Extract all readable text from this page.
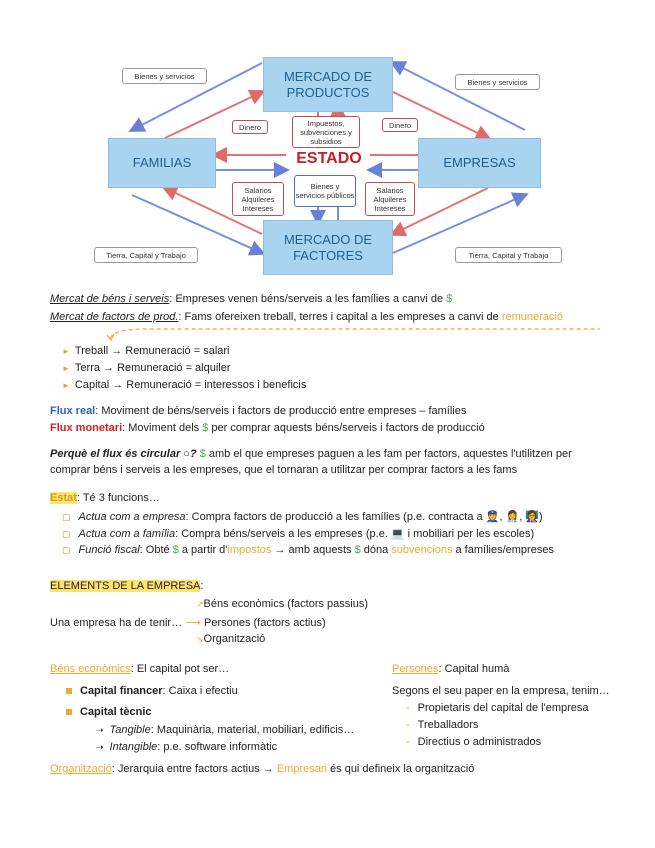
MERCADO DE PRODUCTOS
MERCADO DE FACTORES
FAMILIAS	EMPRESAS
ESTADO
Bienes y servicios
Bienes y servicios
Tierra, Capital y Trabajo	Tierra, Capital y Trabajo
Dinero	Dinero
Impuestos, subvenciones y subsidios
Bienes y servicios públicos
Salarios Alquileres Intereses
Salarios Alquileres Intereses
Mercat de béns i serveis: Empreses venen béns/serveis a les famílies a canvi de $
Mercat de factors de prod.: Fams ofereixen treball, terres i capital a les empreses a canvi de remuneració
► Treball → Remuneració = salari
► Terra → Remuneració = alquiler
► Capital → Remuneració = interessos i beneficis
Flux real: Moviment de béns/serveis i factors de producció entre empreses – famílies
Flux monetari: Moviment dels $ per comprar aquests béns/serveis i factors de producció
Perquè el flux és circular ○? $ amb el que empreses paguen a les fam per factors, aquestes l'utilitzen per
comprar béns i serveis a les empreses, que el tornaran a utilitzar per comprar factors a les fams
Estat: Té 3 funcions…
▢ Actua com a empresa: Compra factors de producció a les famílies (p.e. contracta a 👮, 👩‍⚕️, 👩‍🏫)
▢ Actua com a família: Compra béns/serveis a les empreses (p.e. 💻 i mobiliari per les escoles)
▢ Funció fiscal: Obté $ a partir d'impostos → amb aquests $ dóna subvencions a famílies/empreses
ELEMENTS DE LA EMPRESA:
↗Béns econòmics (factors passius)
Una empresa ha de tenir… ⟶ Persones (factors actius)
↘Organització
Béns econòmics: El capital pot ser…
Capital financer: Caixa i efectiu
Capital tècnic
➝ Tangible: Maquinària, material, mobiliari, edificis…
➝ Intangible: p.e. software informàtic
Persones: Capital humà
Segons el seu paper en la empresa, tenim…
- Propietaris del capital de l'empresa
- Treballadors
- Directius o administrados
Organització: Jerarquia entre factors actius → Empresari és qui defineix la organització
